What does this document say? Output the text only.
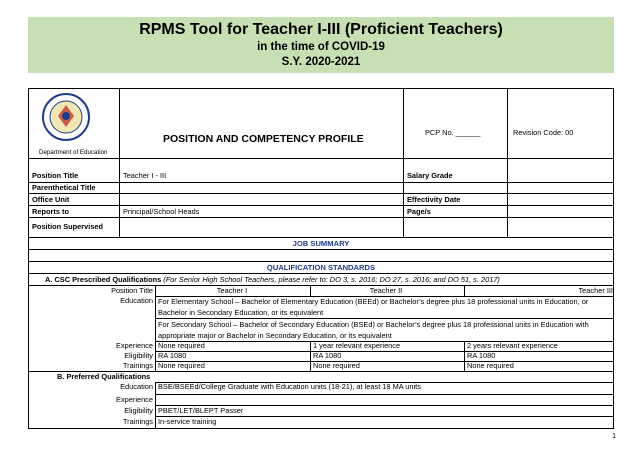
RPMS Tool for Teacher I-III (Proficient Teachers)
in the time of COVID-19
S.Y. 2020-2021
Department of Education
POSITION AND COMPETENCY PROFILE
PCP No. ______	Revision Code: 00
Position Title	Teacher I - III	Salary Grade
Parenthetical Title
Office Unit	Effectivity Date
Reports to	Principal/School Heads	Page/s
Position Supervised
JOB SUMMARY
QUALIFICATION STANDARDS
A. CSC Prescribed Qualifications (For Senior High School Teachers, please refer to: DO 3, s. 2016; DO 27, s. 2016; and DO 51, s. 2017)
Position Title	Teacher I	Teacher II	Teacher III
Education For Elementary School – Bachelor of Elementary Education (BEEd) or Bachelor’s degree plus 18 professional units in Education, or Bachelor in Secondary Education, or its equivalent
For Secondary School – Bachelor of Secondary Education (BSEd) or Bachelor’s degree plus 18 professional units in Education with appropriate major or Bachelor in Secondary Education, or its equivalent
Experience None required	1 year relevant experience	2 years relevant experience
Eligibility RA 1080	RA 1080	RA 1080
Trainings None required	None required	None required
B. Preferred Qualifications
Education BSE/BSEEd/College Graduate with Education units (18-21), at least 18 MA units
Experience
Eligibility PBET/LET/BLEPT Passer
Trainings In-service training
1
